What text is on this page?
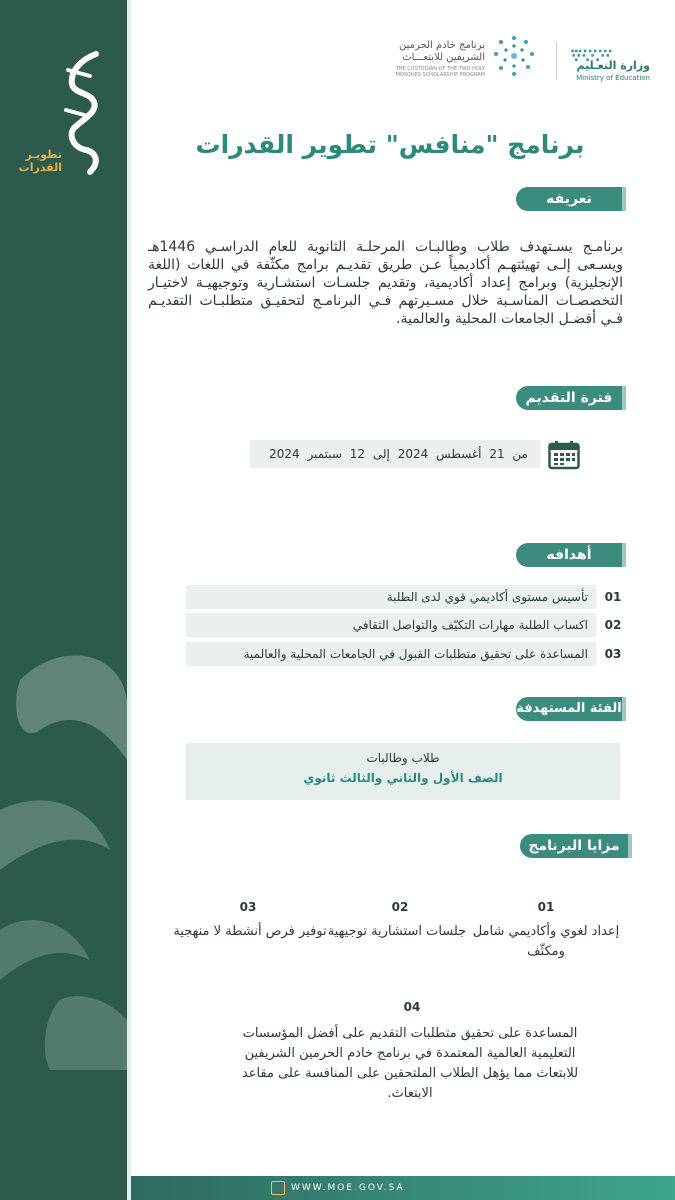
تطويـر القدرات
وزارة التعـليم
Ministry of Education
برنامج خادم الحرمين الشريفين للابتعـــاث
THE CUSTODIAN OF THE TWO HOLY MOSQUES SCHOLARSHIP PROGRAM
برنامج "منافس" تطوير القدرات
تعريفه
برنامـج يسـتهدف طلاب وطالبـات المرحلـة الثانوية للعام الدراسـي 1446هـ ويسـعى إلـى تهيئتهـم أكاديمياً عـن طريق تقديـم برامج مكثّفة في اللغات (اللغة الإنجليزية) وبرامج إعداد أكاديمية، وتقديم جلسـات استشـارية وتوجيهيـة لاختيـار التخصصـات المناسـبة خلال مسـيرتهم فـي البرنامـج لتحقيـق متطلبـات التقديـم فـي أفضـل الجامعات المحلية والعالمية.
فترة التقديم
من 21 أغسطس 2024 إلى 12 سبتمبر 2024
أهدافه
تأسيس مستوى أكاديمي قوي لدى الطلبة	01
اكساب الطلبة مهارات التكيّف والتواصل الثقافي	02
المساعدة على تحقيق متطلبات القبول في الجامعات المحلية والعالمية	03
الفئة المستهدفة
طلاب وطالبات
الصف الأول والثاني والثالث ثانوي
مزايا البرنامج
01
إعداد لغوي وأكاديمي شامل ومكثّف
02
جلسات استشارية توجيهية
03
توفير فرص أنشطة لا منهجية
04
المساعدة على تحقيق متطلبات التقديم على أفضل المؤسسات التعليمية العالمية المعتمدة في برنامج خادم الحرمين الشريفين للابتعاث مما يؤهل الطلاب الملتحقين على المنافسة على مقاعد الابتعاث.
WWW.MOE.GOV.SA
